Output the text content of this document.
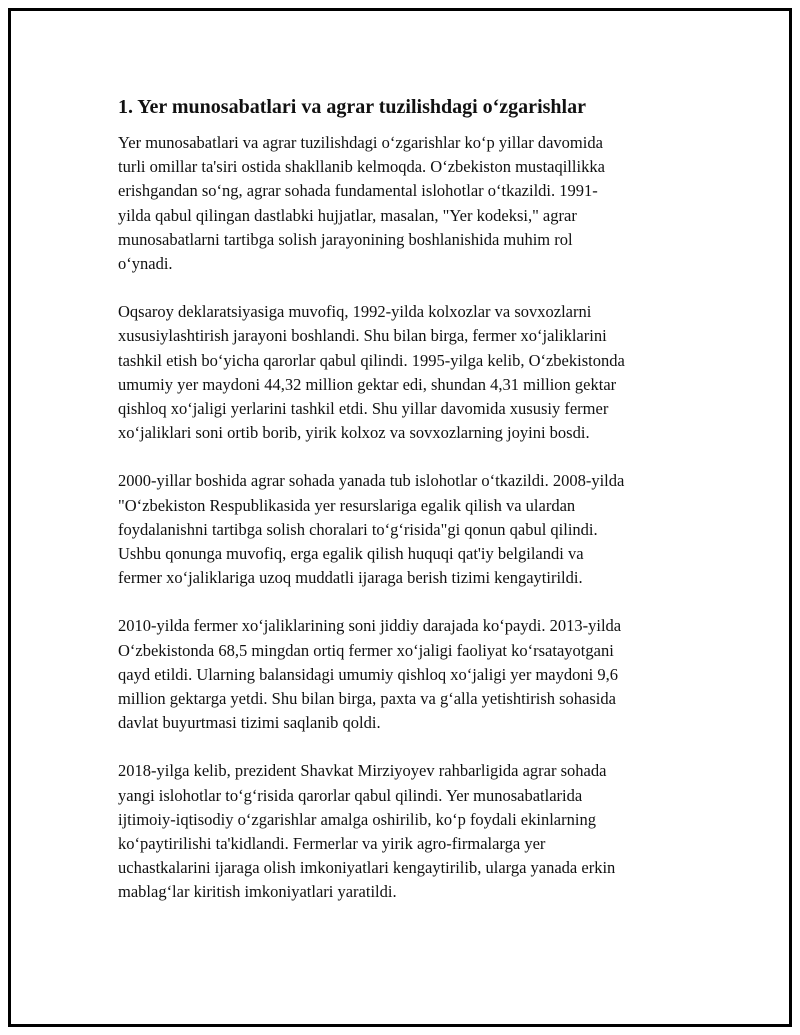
1. Yer munosabatlari va agrar tuzilishdagi o‘zgarishlar

Yer munosabatlari va agrar tuzilishdagi o‘zgarishlar ko‘p yillar davomida
turli omillar ta'siri ostida shakllanib kelmoqda. O‘zbekiston mustaqillikka
erishgandan so‘ng, agrar sohada fundamental islohotlar o‘tkazildi. 1991-
yilda qabul qilingan dastlabki hujjatlar, masalan, "Yer kodeksi," agrar
munosabatlarni tartibga solish jarayonining boshlanishida muhim rol
o‘ynadi.

Oqsaroy deklaratsiyasiga muvofiq, 1992-yilda kolxozlar va sovxozlarni
xususiylashtirish jarayoni boshlandi. Shu bilan birga, fermer xo‘jaliklarini
tashkil etish bo‘yicha qarorlar qabul qilindi. 1995-yilga kelib, O‘zbekistonda
umumiy yer maydoni 44,32 million gektar edi, shundan 4,31 million gektar
qishloq xo‘jaligi yerlarini tashkil etdi. Shu yillar davomida xususiy fermer
xo‘jaliklari soni ortib borib, yirik kolxoz va sovxozlarning joyini bosdi.

2000-yillar boshida agrar sohada yanada tub islohotlar o‘tkazildi. 2008-yilda
"O‘zbekiston Respublikasida yer resurslariga egalik qilish va ulardan
foydalanishni tartibga solish choralari to‘g‘risida"gi qonun qabul qilindi.
Ushbu qonunga muvofiq, erga egalik qilish huquqi qat'iy belgilandi va
fermer xo‘jaliklariga uzoq muddatli ijaraga berish tizimi kengaytirildi.

2010-yilda fermer xo‘jaliklarining soni jiddiy darajada ko‘paydi. 2013-yilda
O‘zbekistonda 68,5 mingdan ortiq fermer xo‘jaligi faoliyat ko‘rsatayotgani
qayd etildi. Ularning balansidagi umumiy qishloq xo‘jaligi yer maydoni 9,6
million gektarga yetdi. Shu bilan birga, paxta va g‘alla yetishtirish sohasida
davlat buyurtmasi tizimi saqlanib qoldi.

2018-yilga kelib, prezident Shavkat Mirziyoyev rahbarligida agrar sohada
yangi islohotlar to‘g‘risida qarorlar qabul qilindi. Yer munosabatlarida
ijtimoiy-iqtisodiy o‘zgarishlar amalga oshirilib, ko‘p foydali ekinlarning
ko‘paytirilishi ta'kidlandi. Fermerlar va yirik agro-firmalarga yer
uchastkalarini ijaraga olish imkoniyatlari kengaytirilib, ularga yanada erkin
mablag‘lar kiritish imkoniyatlari yaratildi.
